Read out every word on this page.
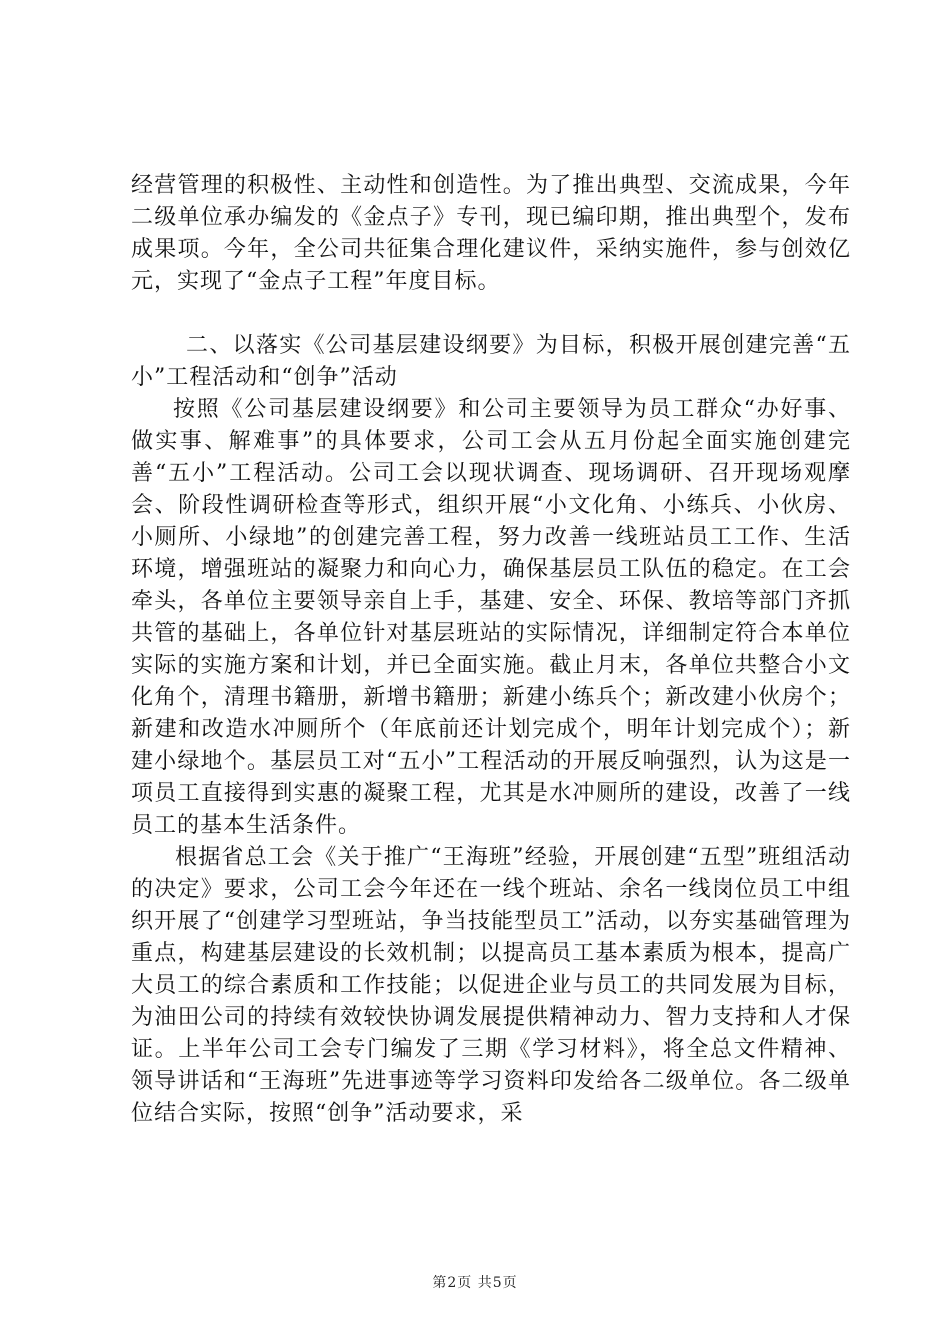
经营管理的积极性、主动性和创造性。为了推出典型、交流成果，今年二级单位承办编发的《金点子》专刊，现已编印期，推出典型个，发布成果项。今年，全公司共征集合理化建议件，采纳实施件，参与创效亿元，实现了“金点子工程”年度目标。

二、以落实《公司基层建设纲要》为目标，积极开展创建完善“五小”工程活动和“创争”活动

按照《公司基层建设纲要》和公司主要领导为员工群众“办好事、做实事、解难事”的具体要求，公司工会从五月份起全面实施创建完善“五小”工程活动。公司工会以现状调查、现场调研、召开现场观摩会、阶段性调研检查等形式，组织开展“小文化角、小练兵、小伙房、小厕所、小绿地”的创建完善工程，努力改善一线班站员工工作、生活环境，增强班站的凝聚力和向心力，确保基层员工队伍的稳定。在工会牵头，各单位主要领导亲自上手，基建、安全、环保、教培等部门齐抓共管的基础上，各单位针对基层班站的实际情况，详细制定符合本单位实际的实施方案和计划，并已全面实施。截止月末，各单位共整合小文化角个，清理书籍册，新增书籍册；新建小练兵个；新改建小伙房个；新建和改造水冲厕所个（年底前还计划完成个，明年计划完成个）；新建小绿地个。基层员工对“五小”工程活动的开展反响强烈，认为这是一项员工直接得到实惠的凝聚工程，尤其是水冲厕所的建设，改善了一线员工的基本生活条件。

根据省总工会《关于推广“王海班”经验，开展创建“五型”班组活动的决定》要求，公司工会今年还在一线个班站、余名一线岗位员工中组织开展了“创建学习型班站，争当技能型员工”活动，以夯实基础管理为重点，构建基层建设的长效机制；以提高员工基本素质为根本，提高广大员工的综合素质和工作技能；以促进企业与员工的共同发展为目标，为油田公司的持续有效较快协调发展提供精神动力、智力支持和人才保证。上半年公司工会专门编发了三期《学习材料》，将全总文件精神、领导讲话和“王海班”先进事迹等学习资料印发给各二级单位。各二级单位结合实际，按照“创争”活动要求，采

第2页 共5页
